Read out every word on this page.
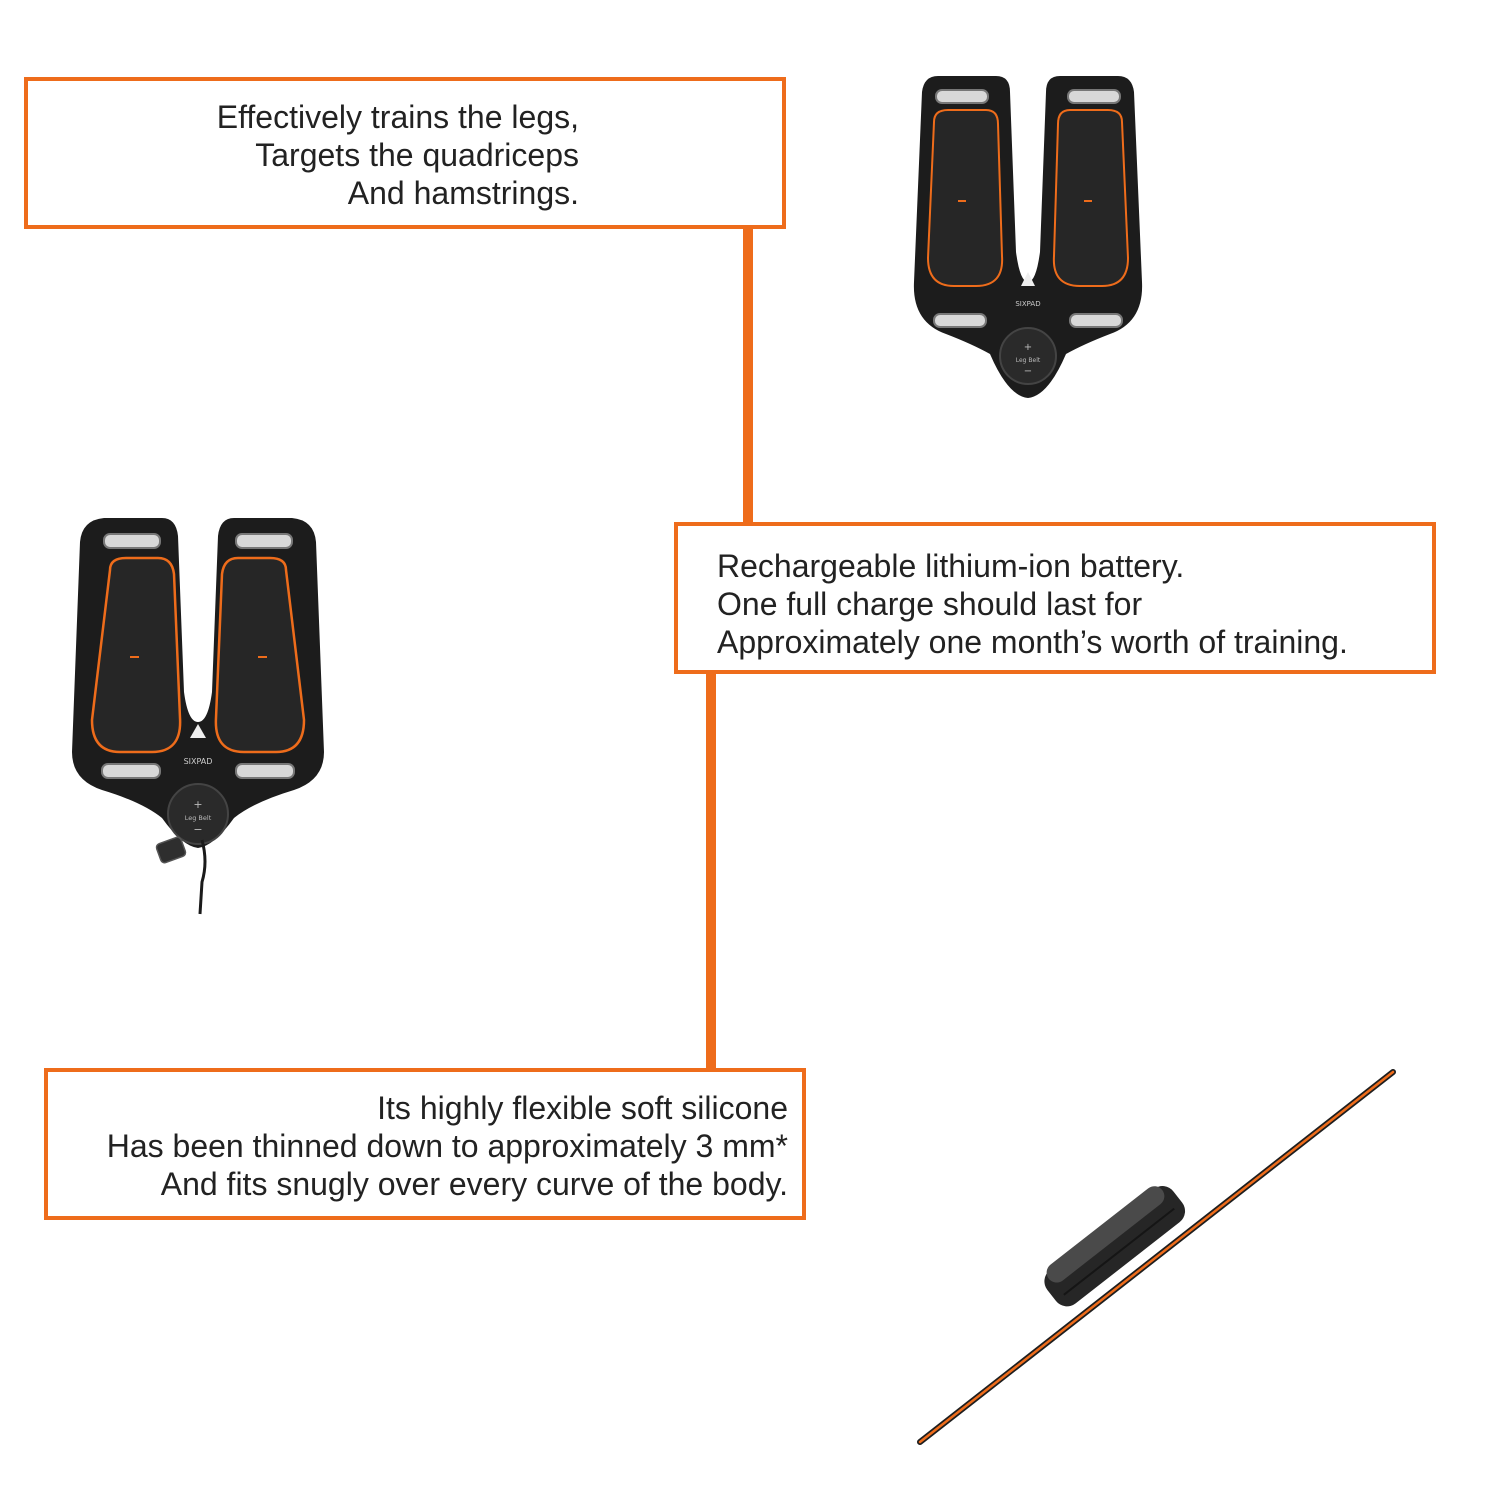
Effectively trains the legs,
Targets the quadriceps
And hamstrings.
Rechargeable lithium-ion battery.
One full charge should last for
Approximately one month’s worth of training.
Its highly flexible soft silicone
Has been thinned down to approximately 3 mm*
And fits snugly over every curve of the body.
SIXPAD
+
Leg Belt
−
SIXPAD
+
Leg Belt
−
